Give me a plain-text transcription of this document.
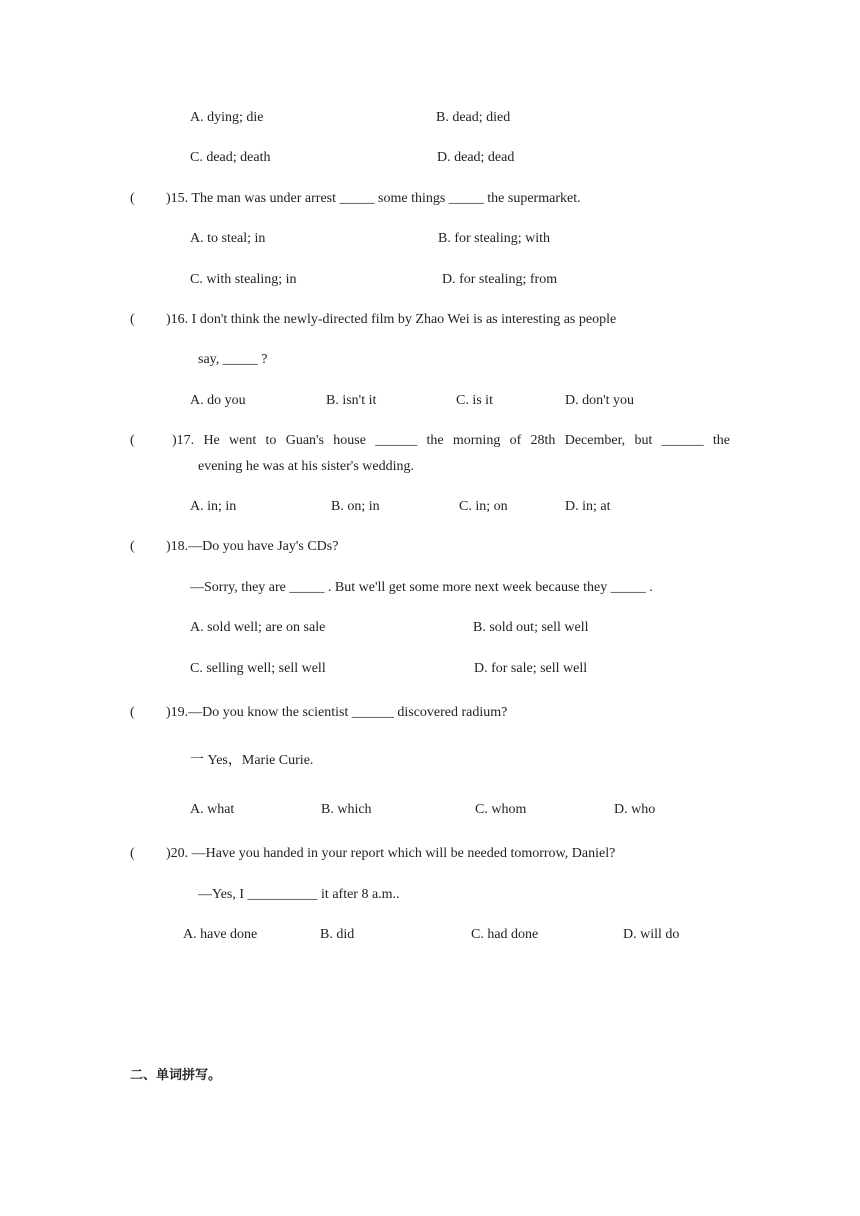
A. dying; die	B. dead; died
C. dead; death	D. dead; dead
( )15. The man was under arrest _____ some things _____ the supermarket.
A. to steal; in	B. for stealing; with
C. with stealing; in	D. for stealing; from
( )16. I don't think the newly-directed film by Zhao Wei is as interesting as people
say, _____ ?
A. do you	B. isn't it	C. is it	D. don't you
(	)17. He went to Guan's house ______ the morning of 28th December, but ______ the
evening he was at his sister's wedding.
A. in; in	B. on; in	C. in; on	D. in; at
( )18.—Do you have Jay's CDs?
—Sorry, they are _____ . But we'll get some more next week because they _____ .
A. sold well; are on sale	B. sold out; sell well
C. selling well; sell well	D. for sale; sell well
( )19.—Do you know the scientist ______ discovered radium?
一 Yes，Marie Curie.
A. what	B. which	C. whom	D. who
( )20. —Have you handed in your report which will be needed tomorrow, Daniel?
—Yes, I __________ it after 8 a.m..
A. have done	B. did	C. had done	D. will do
二、单词拼写。
